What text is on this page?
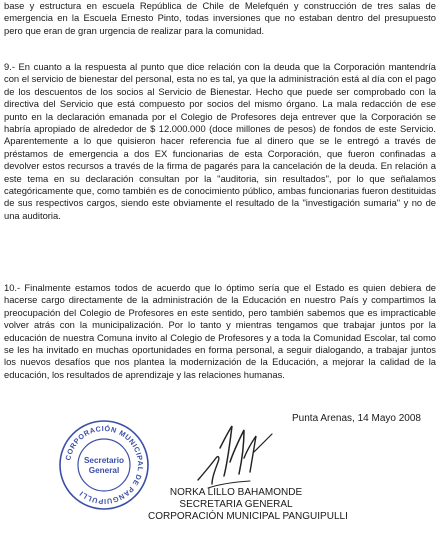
base y estructura en escuela República de Chile de Melefquén y construcción de tres salas de emergencia en la Escuela Ernesto Pinto, todas inversiones que no estaban dentro del presupuesto pero que eran de gran urgencia de realizar para la comunidad.

9.- En cuanto a la respuesta al punto que dice relación con la deuda que la Corporación mantendría con el servicio de bienestar del personal, esta no es tal, ya que la administración está al día con el pago de los descuentos de los socios al Servicio de Bienestar. Hecho que puede ser comprobado con la directiva del Servicio que está compuesto por socios del mismo órgano. La mala redacción de ese punto en la declaración emanada por el Colegio de Profesores deja entrever que la Corporación se habría apropiado de alrededor de $ 12.000.000 (doce millones de pesos) de fondos de este Servicio. Aparentemente a lo que quisieron hacer referencia fue al dinero que se le entregó a través de préstamos de emergencia a dos EX funcionarias de esta Corporación, que fueron confinadas a devolver estos recursos a través de la firma de pagarés para la cancelación de la deuda. En relación a este tema en su declaración consultan por la "auditoria, sin resultados", por lo que señalamos categóricamente que, como también es de conocimiento público, ambas funcionarias fueron destituidas de sus respectivos cargos, siendo este obviamente el resultado de la "investigación sumaria" y no de una auditoria.

10.- Finalmente estamos todos de acuerdo que lo óptimo sería que el Estado es quien debiera de hacerse cargo directamente de la administración de la Educación en nuestro País y compartimos la preocupación del Colegio de Profesores en este sentido, pero también sabemos que es impracticable volver atrás con la municipalización. Por lo tanto y mientras tengamos que trabajar juntos por la educación de nuestra Comuna invito al Colegio de Profesores y a toda la Comunidad Escolar, tal como se les ha invitado en muchas oportunidades en forma personal, a seguir dialogando, a trabajar juntos los nuevos desafíos que nos plantea la modernización de la Educación, a mejorar la calidad de la educación, los resultados de aprendizaje y las relaciones humanas.

Punta Arenas, 14 Mayo 2008
CORPORACIÓN MUNICIPAL DE PANGUIPULLI
Secretario
General
NORKA LILLO BAHAMONDE
SECRETARIA GENERAL
CORPORACIÓN MUNICIPAL PANGUIPULLI
